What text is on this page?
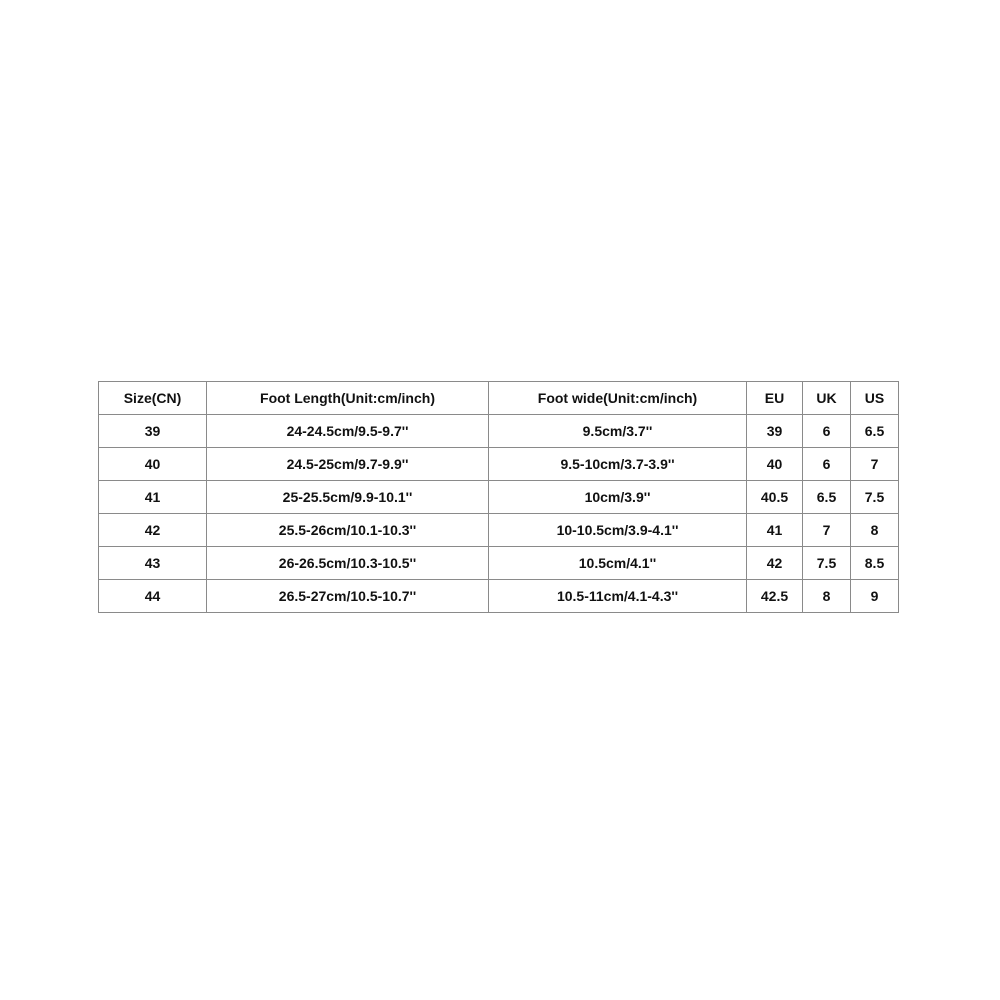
Size(CN)	Foot Length(Unit:cm/inch)	Foot wide(Unit:cm/inch)	EU	UK	US
39	24-24.5cm/9.5-9.7''	9.5cm/3.7''	39	6	6.5
40	24.5-25cm/9.7-9.9''	9.5-10cm/3.7-3.9''	40	6	7
41	25-25.5cm/9.9-10.1''	10cm/3.9''	40.5	6.5	7.5
42	25.5-26cm/10.1-10.3''	10-10.5cm/3.9-4.1''	41	7	8
43	26-26.5cm/10.3-10.5''	10.5cm/4.1''	42	7.5	8.5
44	26.5-27cm/10.5-10.7''	10.5-11cm/4.1-4.3''	42.5	8	9
